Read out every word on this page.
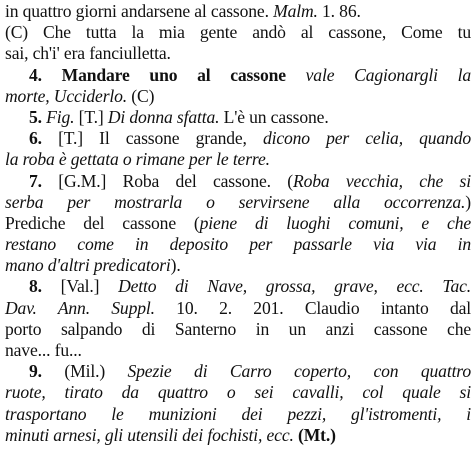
in quattro giorni andarsene al cassone. Malm. 1. 86.
(C) Che tutta la mia gente andò al cassone, Come tu
sai, ch'i' era fanciulletta.
4. Mandare uno al cassone vale Cagionargli la
morte, Ucciderlo. (C)
5. Fig. [T.] Di donna sfatta. L'è un cassone.
6. [T.] Il cassone grande, dicono per celia, quando
la roba è gettata o rimane per le terre.
7. [G.M.] Roba del cassone. (Roba vecchia, che si
serba per mostrarla o servirsene alla occorrenza.)
Prediche del cassone (piene di luoghi comuni, e che
restano come in deposito per passarle via via in
mano d'altri predicatori).
8. [Val.] Detto di Nave, grossa, grave, ecc. Tac.
Dav. Ann. Suppl. 10. 2. 201. Claudio intanto dal
porto salpando di Santerno in un anzi cassone che
nave... fu...
9. (Mil.) Spezie di Carro coperto, con quattro
ruote, tirato da quattro o sei cavalli, col quale si
trasportano le munizioni dei pezzi, gl'istromenti, i
minuti arnesi, gli utensili dei fochisti, ecc. (Mt.)
